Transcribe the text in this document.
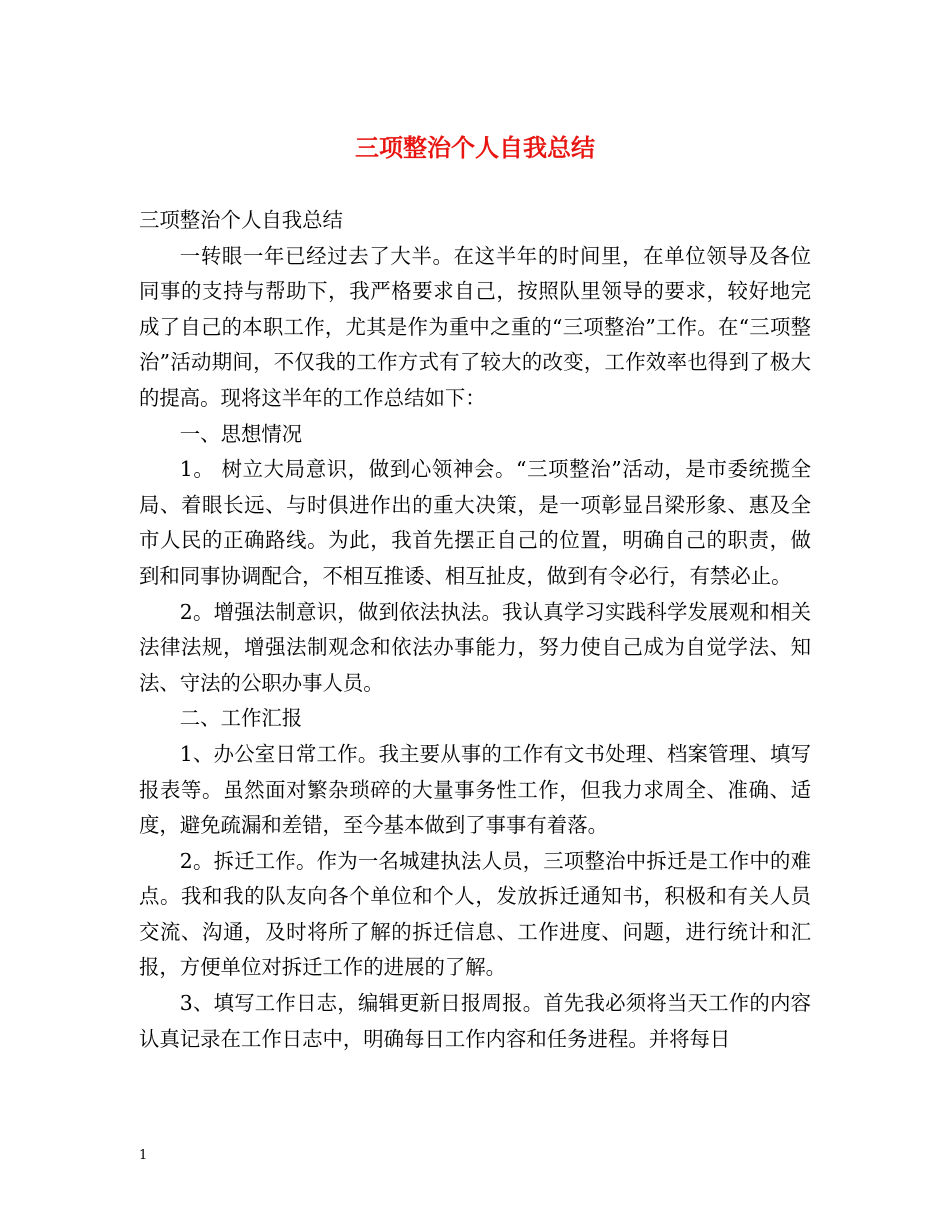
三项整治个人自我总结

三项整治个人自我总结

一转眼一年已经过去了大半。在这半年的时间里，在单位领导及各位同事的支持与帮助下，我严格要求自己，按照队里领导的要求，较好地完成了自己的本职工作，尤其是作为重中之重的“三项整治”工作。在“三项整治”活动期间，不仅我的工作方式有了较大的改变，工作效率也得到了极大的提高。现将这半年的工作总结如下：

一、思想情况

1。 树立大局意识，做到心领神会。“三项整治”活动，是市委统揽全局、着眼长远、与时俱进作出的重大决策，是一项彰显吕梁形象、惠及全市人民的正确路线。为此，我首先摆正自己的位置，明确自己的职责，做到和同事协调配合，不相互推诿、相互扯皮，做到有令必行，有禁必止。

2。增强法制意识，做到依法执法。我认真学习实践科学发展观和相关法律法规，增强法制观念和依法办事能力，努力使自己成为自觉学法、知法、守法的公职办事人员。

二、工作汇报

1、办公室日常工作。我主要从事的工作有文书处理、档案管理、填写报表等。虽然面对繁杂琐碎的大量事务性工作，但我力求周全、准确、适度，避免疏漏和差错，至今基本做到了事事有着落。

2。拆迁工作。作为一名城建执法人员，三项整治中拆迁是工作中的难点。我和我的队友向各个单位和个人，发放拆迁通知书，积极和有关人员交流、沟通，及时将所了解的拆迁信息、工作进度、问题，进行统计和汇报，方便单位对拆迁工作的进展的了解。

3、填写工作日志，编辑更新日报周报。首先我必须将当天工作的内容认真记录在工作日志中，明确每日工作内容和任务进程。并将每日

1
